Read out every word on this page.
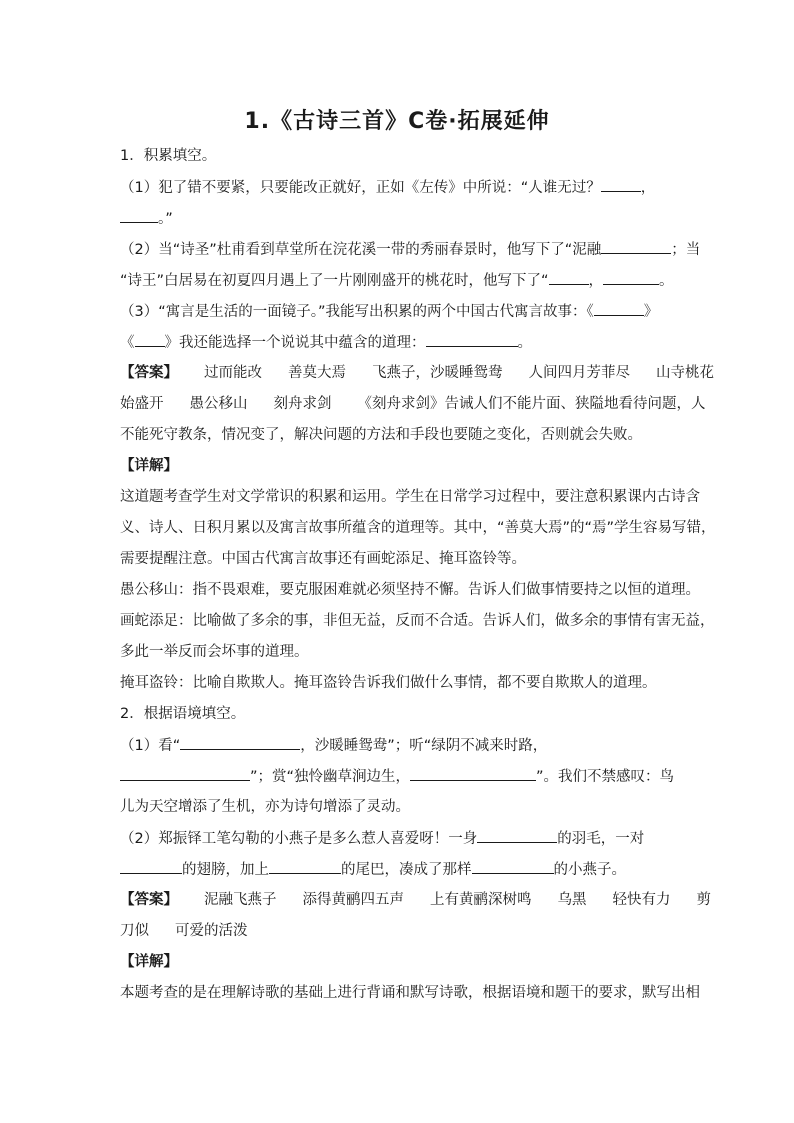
1.《古诗三首》C卷·拓展延伸
1．积累填空。
（1）犯了错不要紧，只要能改正就好，正如《左传》中所说：“人谁无过？	，
。”
（2）当“诗圣”杜甫看到草堂所在浣花溪一带的秀丽春景时，他写下了“泥融	；当
“诗王”白居易在初夏四月遇上了一片刚刚盛开的桃花时，他写下了“	，	。
（3）“寓言是生活的一面镜子。”我能写出积累的两个中国古代寓言故事：《	》
《 》我还能选择一个说说其中蕴含的道理：	。
【答案】 过而能改 善莫大焉 飞燕子，沙暖睡鸳鸯 人间四月芳菲尽 山寺桃花
始盛开 愚公移山 刻舟求剑 《刻舟求剑》告诫人们不能片面、狭隘地看待问题，人
不能死守教条，情况变了，解决问题的方法和手段也要随之变化，否则就会失败。
【详解】
这道题考查学生对文学常识的积累和运用。学生在日常学习过程中，要注意积累课内古诗含
义、诗人、日积月累以及寓言故事所蕴含的道理等。其中，“善莫大焉”的“焉”学生容易写错，
需要提醒注意。中国古代寓言故事还有画蛇添足、掩耳盗铃等。
愚公移山：指不畏艰难，要克服困难就必须坚持不懈。告诉人们做事情要持之以恒的道理。
画蛇添足：比喻做了多余的事，非但无益，反而不合适。告诉人们，做多余的事情有害无益，
多此一举反而会坏事的道理。
掩耳盗铃：比喻自欺欺人。掩耳盗铃告诉我们做什么事情，都不要自欺欺人的道理。
2．根据语境填空。
（1）看“	，沙暖睡鸳鸯”；听“绿阴不减来时路，
”；赏“独怜幽草涧边生，	”。我们不禁感叹：鸟
儿为天空增添了生机，亦为诗句增添了灵动。
（2）郑振铎工笔勾勒的小燕子是多么惹人喜爱呀！一身	的羽毛，一对
的翅膀，加上	的尾巴，凑成了那样	的小燕子。
【答案】 泥融飞燕子 添得黄鹂四五声 上有黄鹂深树鸣 乌黑 轻快有力 剪
刀似 可爱的活泼
【详解】
本题考查的是在理解诗歌的基础上进行背诵和默写诗歌，根据语境和题干的要求，默写出相
